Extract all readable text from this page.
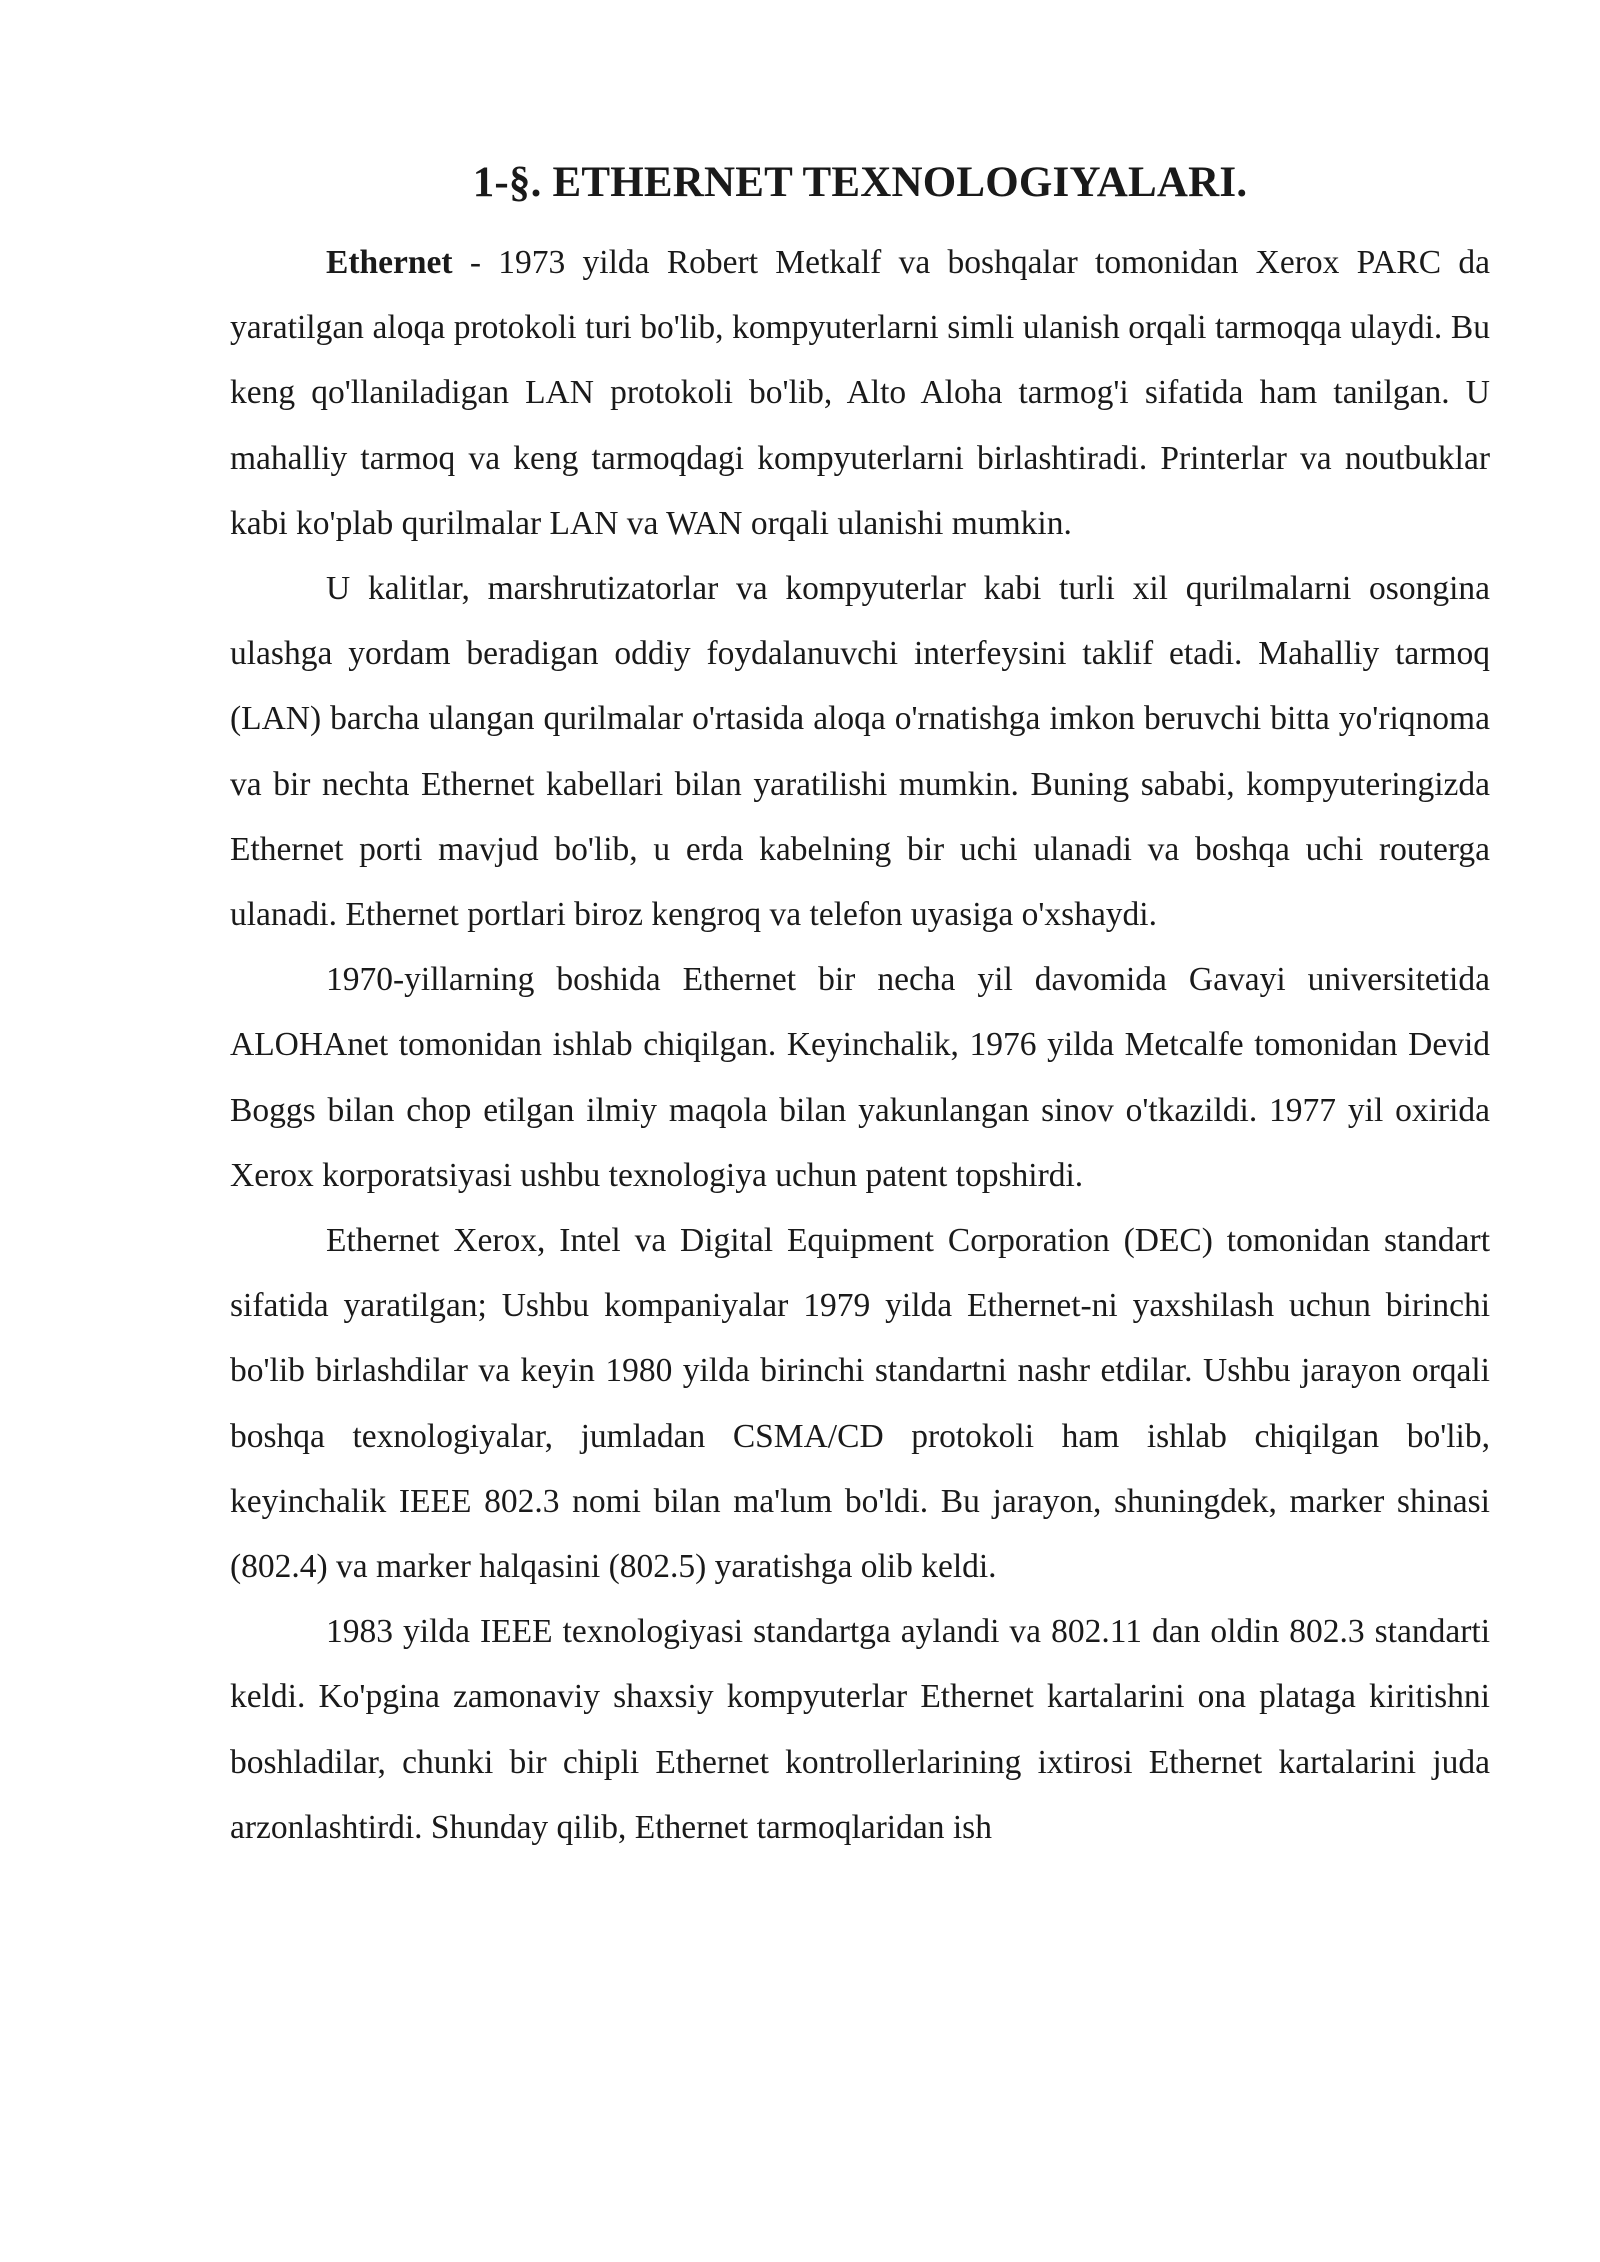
1-§. ETHERNET TEXNOLOGIYALARI.

Ethernet - 1973 yilda Robert Metkalf va boshqalar tomonidan Xerox PARC da yaratilgan aloqa protokoli turi bo'lib, kompyuterlarni simli ulanish orqali tarmoqqa ulaydi. Bu keng qo'llaniladigan LAN protokoli bo'lib, Alto Aloha tarmog'i sifatida ham tanilgan. U mahalliy tarmoq va keng tarmoqdagi kompyuterlarni birlashtiradi. Printerlar va noutbuklar kabi ko'plab qurilmalar LAN va WAN orqali ulanishi mumkin.

U kalitlar, marshrutizatorlar va kompyuterlar kabi turli xil qurilmalarni osongina ulashga yordam beradigan oddiy foydalanuvchi interfeysini taklif etadi. Mahalliy tarmoq (LAN) barcha ulangan qurilmalar o'rtasida aloqa o'rnatishga imkon beruvchi bitta yo'riqnoma va bir nechta Ethernet kabellari bilan yaratilishi mumkin. Buning sababi, kompyuteringizda Ethernet porti mavjud bo'lib, u erda kabelning bir uchi ulanadi va boshqa uchi routerga ulanadi. Ethernet portlari biroz kengroq va telefon uyasiga o'xshaydi.

1970-yillarning boshida Ethernet bir necha yil davomida Gavayi universitetida ALOHAnet tomonidan ishlab chiqilgan. Keyinchalik, 1976 yilda Metcalfe tomonidan Devid Boggs bilan chop etilgan ilmiy maqola bilan yakunlangan sinov o'tkazildi. 1977 yil oxirida Xerox korporatsiyasi ushbu texnologiya uchun patent topshirdi.

Ethernet Xerox, Intel va Digital Equipment Corporation (DEC) tomonidan standart sifatida yaratilgan; Ushbu kompaniyalar 1979 yilda Ethernet-ni yaxshilash uchun birinchi bo'lib birlashdilar va keyin 1980 yilda birinchi standartni nashr etdilar. Ushbu jarayon orqali boshqa texnologiyalar, jumladan CSMA/CD protokoli ham ishlab chiqilgan bo'lib, keyinchalik IEEE 802.3 nomi bilan ma'lum bo'ldi. Bu jarayon, shuningdek, marker shinasi (802.4) va marker halqasini (802.5) yaratishga olib keldi.

1983 yilda IEEE texnologiyasi standartga aylandi va 802.11 dan oldin 802.3 standarti keldi. Ko'pgina zamonaviy shaxsiy kompyuterlar Ethernet kartalarini ona plataga kiritishni boshladilar, chunki bir chipli Ethernet kontrollerlarining ixtirosi Ethernet kartalarini juda arzonlashtirdi. Shunday qilib, Ethernet tarmoqlaridan ish
